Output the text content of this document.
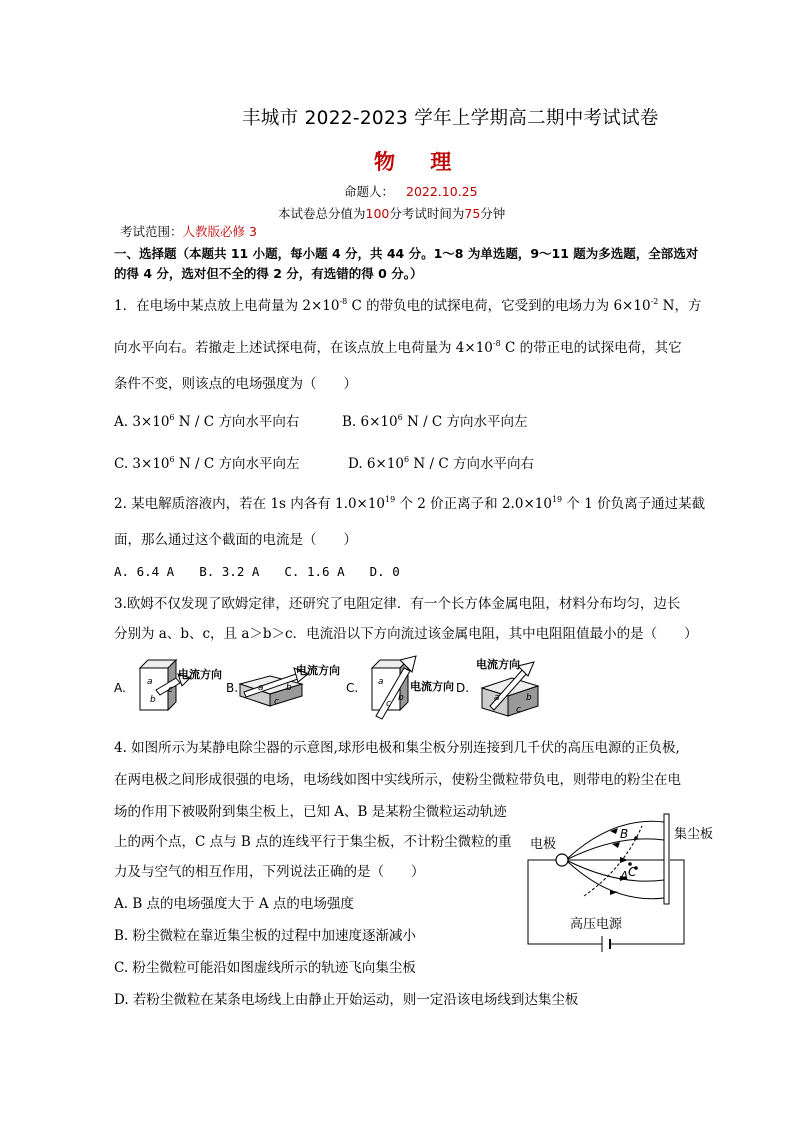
丰城市 2022-2023 学年上学期高二期中考试试卷
物 理
命题人： 2022.10.25
本试卷总分值为100分考试时间为75分钟
考试范围：人教版必修 3
一、选择题（本题共 11 小题，每小题 4 分，共 44 分。1～8 为单选题，9～11 题为多选题，全部选对
的得 4 分，选对但不全的得 2 分，有选错的得 0 分。）
1．在电场中某点放上电荷量为 $2\times 10^{-8}$ C 的带负电的试探电荷，它受到的电场力为 $6\times 10^{-2}$ N，方
向水平向右。若撤走上述试探电荷，在该点放上电荷量为 $4\times 10^{-8}$ C 的带正电的试探电荷，其它
条件不变，则该点的电场强度为（　　）
A. $3\times 10^6$ N / C 方向水平向右	B. $6\times 10^6$ N / C 方向水平向左
C. $3\times 10^6$ N / C 方向水平向左	D. $6\times 10^6$ N / C 方向水平向右
2. 某电解质溶液内，若在 1s 内各有 $1.0\times 10^{19}$ 个 2 价正离子和 $2.0\times 10^{19}$ 个 1 价负离子通过某截
面，那么通过这个截面的电流是（　　）
A. 6.4 A　　B. 3.2 A　　C. 1.6 A　　D. 0
3.欧姆不仅发现了欧姆定律，还研究了电阻定律．有一个长方体金属电阻，材料分布均匀，边长
分别为 a、b、c，且 a＞b＞c．电流沿以下方向流过该金属电阻，其中电阻阻值最小的是（　　）
A. a
b
c
电流方向
B. a b
c
电流方向
C. a
b
c
电流方向 D.
a	b
c
电流方向
4. 如图所示为某静电除尘器的示意图,球形电极和集尘板分别连接到几千伏的高压电源的正负极,
在两电极之间形成很强的电场，电场线如图中实线所示，使粉尘微粒带负电，则带电的粉尘在电
场的作用下被吸附到集尘板上，已知 A、B 是某粉尘微粒运动轨迹
上的两个点，C 点与 B 点的连线平行于集尘板，不计粉尘微粒的重
力及与空气的相互作用，下列说法正确的是（　　）
A. B 点的电场强度大于 A 点的电场强度
B. 粉尘微粒在靠近集尘板的过程中加速度逐渐减小
C. 粉尘微粒可能沿如图虚线所示的轨迹飞向集尘板
D. 若粉尘微粒在某条电场线上由静止开始运动，则一定沿该电场线到达集尘板
高压电源
集尘板
电极
A
B
C
